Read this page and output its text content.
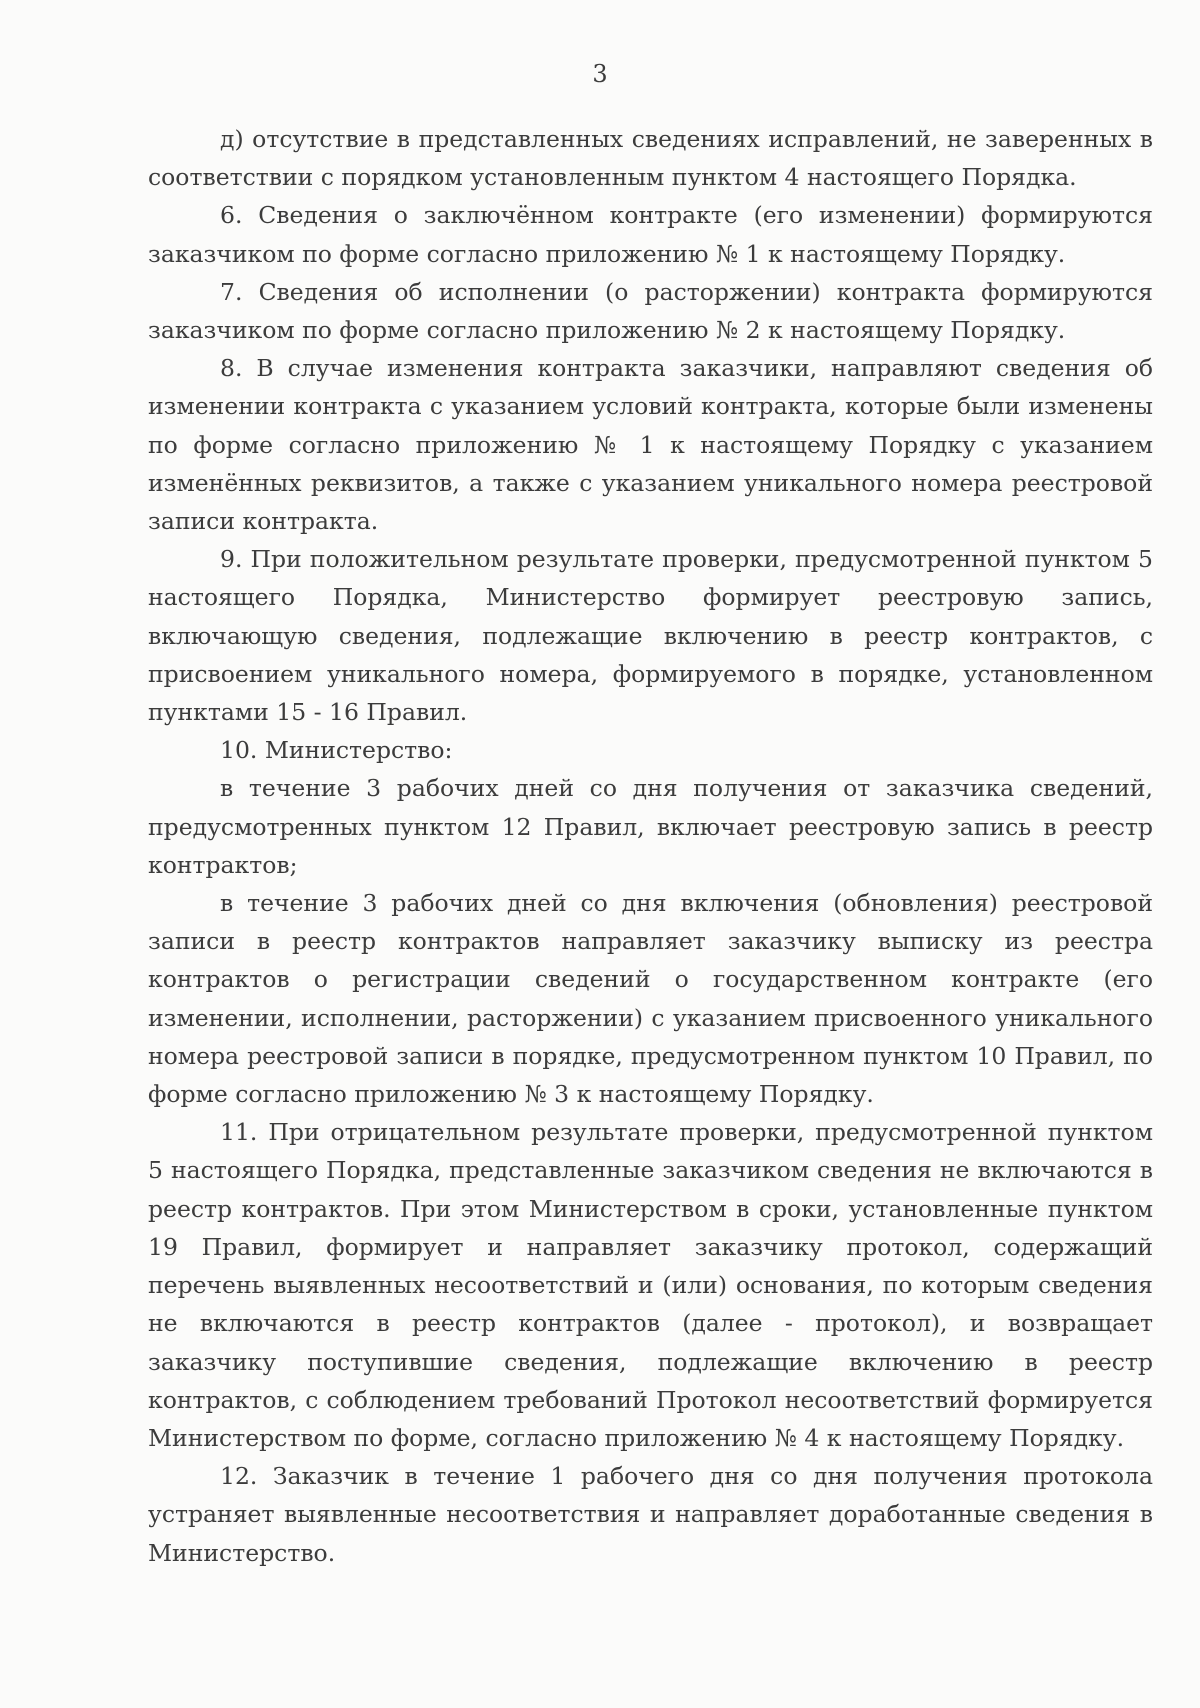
3

д) отсутствие в представленных сведениях исправлений, не заверенных в соответствии с порядком установленным пунктом 4 настоящего Порядка.

6. Сведения о заключённом контракте (его изменении) формируются заказчиком по форме согласно приложению № 1 к настоящему Порядку.

7. Сведения об исполнении (о расторжении) контракта формируются заказчиком по форме согласно приложению № 2 к настоящему Порядку.

8. В случае изменения контракта заказчики, направляют сведения об изменении контракта с указанием условий контракта, которые были изменены по форме согласно приложению № 1 к настоящему Порядку с указанием изменённых реквизитов, а также с указанием уникального номера реестровой записи контракта.

9. При положительном результате проверки, предусмотренной пунктом 5 настоящего Порядка, Министерство формирует реестровую запись, включающую сведения, подлежащие включению в реестр контрактов, с присвоением уникального номера, формируемого в порядке, установленном пунктами 15 - 16 Правил.

10. Министерство:

в течение 3 рабочих дней со дня получения от заказчика сведений, предусмотренных пунктом 12 Правил, включает реестровую запись в реестр контрактов;

в течение 3 рабочих дней со дня включения (обновления) реестровой записи в реестр контрактов направляет заказчику выписку из реестра контрактов о регистрации сведений о государственном контракте (его изменении, исполнении, расторжении) с указанием присвоенного уникального номера реестровой записи в порядке, предусмотренном пунктом 10 Правил, по форме согласно приложению № 3 к настоящему Порядку.

11. При отрицательном результате проверки, предусмотренной пунктом 5 настоящего Порядка, представленные заказчиком сведения не включаются в реестр контрактов. При этом Министерством в сроки, установленные пунктом 19 Правил, формирует и направляет заказчику протокол, содержащий перечень выявленных несоответствий и (или) основания, по которым сведения не включаются в реестр контрактов (далее - протокол), и возвращает заказчику поступившие сведения, подлежащие включению в реестр контрактов, с соблюдением требований Протокол несоответствий формируется Министерством по форме, согласно приложению № 4 к настоящему Порядку.

12. Заказчик в течение 1 рабочего дня со дня получения протокола устраняет выявленные несоответствия и направляет доработанные сведения в Министерство.
